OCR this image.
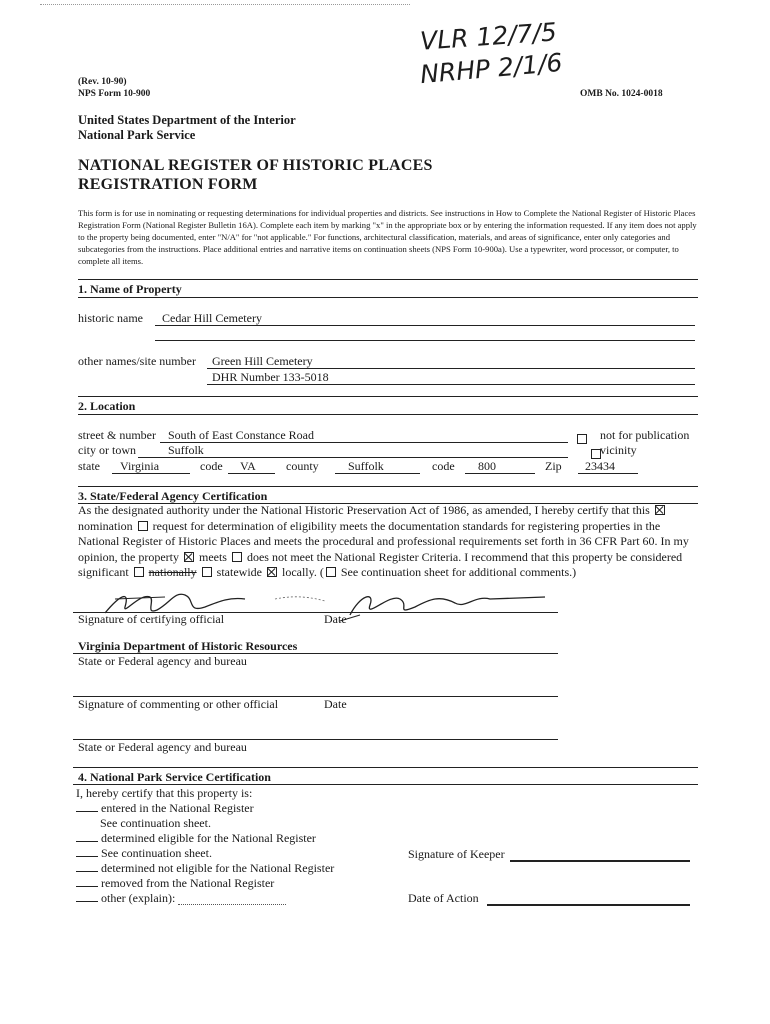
VLR 12/7/5
NRHP 2/1/6
(Rev. 10-90)
NPS Form 10-900	OMB No. 1024-0018
United States Department of the Interior
National Park Service
NATIONAL REGISTER OF HISTORIC PLACES
REGISTRATION FORM
This form is for use in nominating or requesting determinations for individual properties and districts. See instructions in How to Complete the National Register of Historic Places Registration Form (National Register Bulletin 16A). Complete each item by marking "x" in the appropriate box or by entering the information requested. If any item does not apply to the property being documented, enter "N/A" for "not applicable." For functions, architectural classification, materials, and areas of significance, enter only categories and subcategories from the instructions. Place additional entries and narrative items on continuation sheets (NPS Form 10-900a). Use a typewriter, word processor, or computer, to complete all items.
1. Name of Property
historic name Cedar Hill Cemetery
other names/site number Green Hill Cemetery
DHR Number 133-5018
2. Location
street & number South of East Constance Road
	not for publication
city or town	Suffolk	vicinity
state Virginia	code VA	county Suffolk	code 800	Zip 23434
3. State/Federal Agency Certification
As the designated authority under the National Historic Preservation Act of 1986, as amended, I hereby certify that this
nomination request for determination of eligibility meets the documentation standards for registering properties in the
National Register of Historic Places and meets the procedural and professional requirements set forth in 36 CFR Part 60. In my
opinion, the property meets does not meet the National Register Criteria. I recommend that this property be considered
significant nationally statewide locally. ( See continuation sheet for additional comments.)
Signature of certifying official	Date
Virginia Department of Historic Resources
State or Federal agency and bureau
Signature of commenting or other official	Date
State or Federal agency and bureau
4. National Park Service Certification
I, hereby certify that this property is:
entered in the National Register
See continuation sheet.
determined eligible for the National Register
See continuation sheet.
determined not eligible for the National Register
removed from the National Register
other (explain):
Signature of Keeper
Date of Action
